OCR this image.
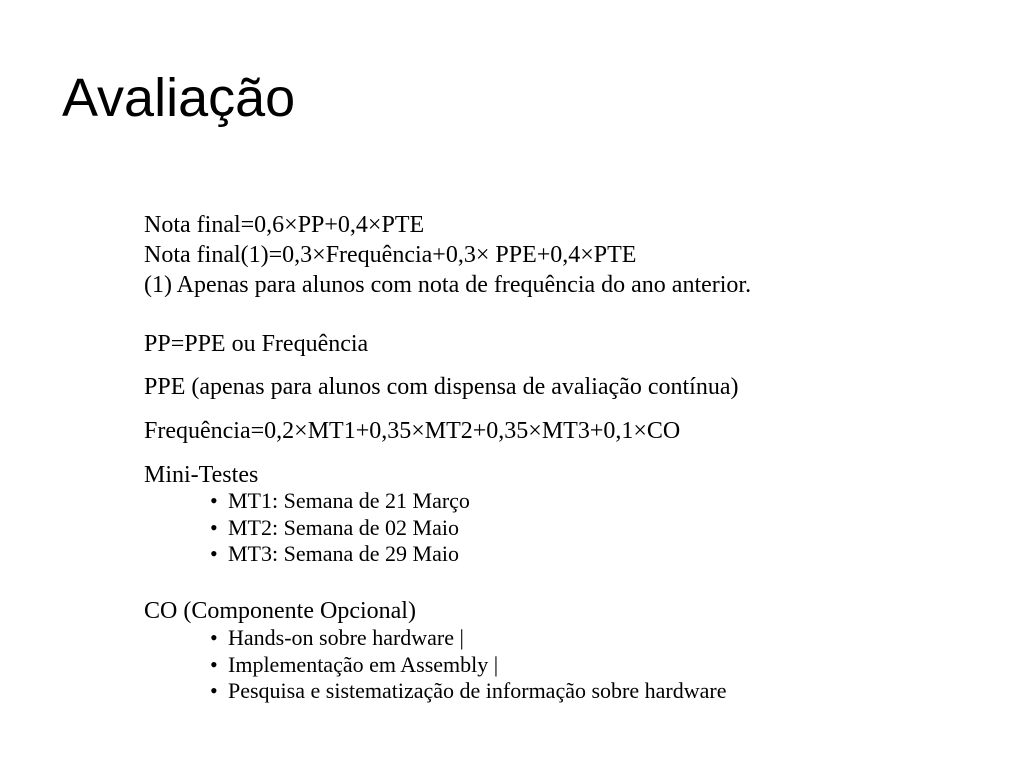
Avaliação

Nota final=0,6×PP+0,4×PTE

Nota final(1)=0,3×Frequência+0,3× PPE+0,4×PTE

(1) Apenas para alunos com nota de frequência do ano anterior.

PP=PPE ou Frequência

PPE (apenas para alunos com dispensa de avaliação contínua)

Frequência=0,2×MT1+0,35×MT2+0,35×MT3+0,1×CO

Mini-Testes

• MT1: Semana de 21 Março
• MT2: Semana de 02 Maio
• MT3: Semana de 29 Maio

CO (Componente Opcional)

• Hands-on sobre hardware |
• Implementação em Assembly |
• Pesquisa e sistematização de informação sobre hardware
